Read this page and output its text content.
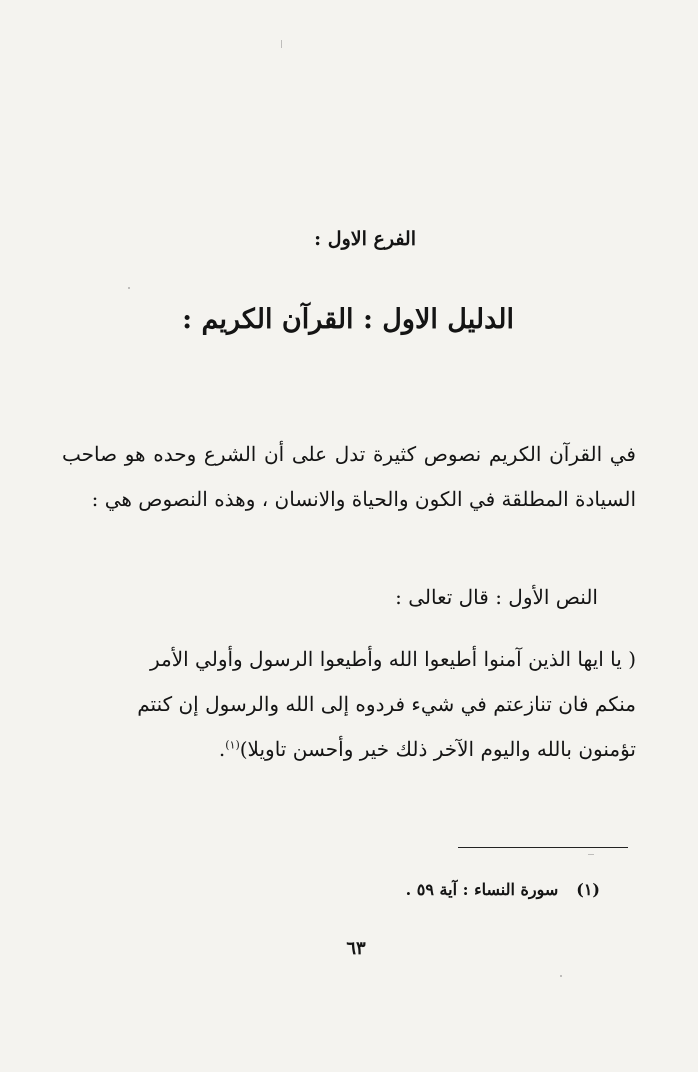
الفرع الاول :
الدليل الاول : القرآن الكريم :
في القرآن الكريم نصوص كثيرة تدل على أن الشرع وحده هو صاحب السيادة المطلقة في الكون والحياة والانسان ، وهذه النصوص هي :
النص الأول : قال تعالى :
( يا ايها الذين آمنوا أطيعوا الله وأطيعوا الرسول وأولي الأمر
منكم فان تنازعتم في شيء فردوه إلى الله والرسول إن كنتم
تؤمنون بالله واليوم الآخر ذلك خير وأحسن تاويلا)$^{(١)}$.
(١)سورة النساء : آية ٥٩ .
٦٣
